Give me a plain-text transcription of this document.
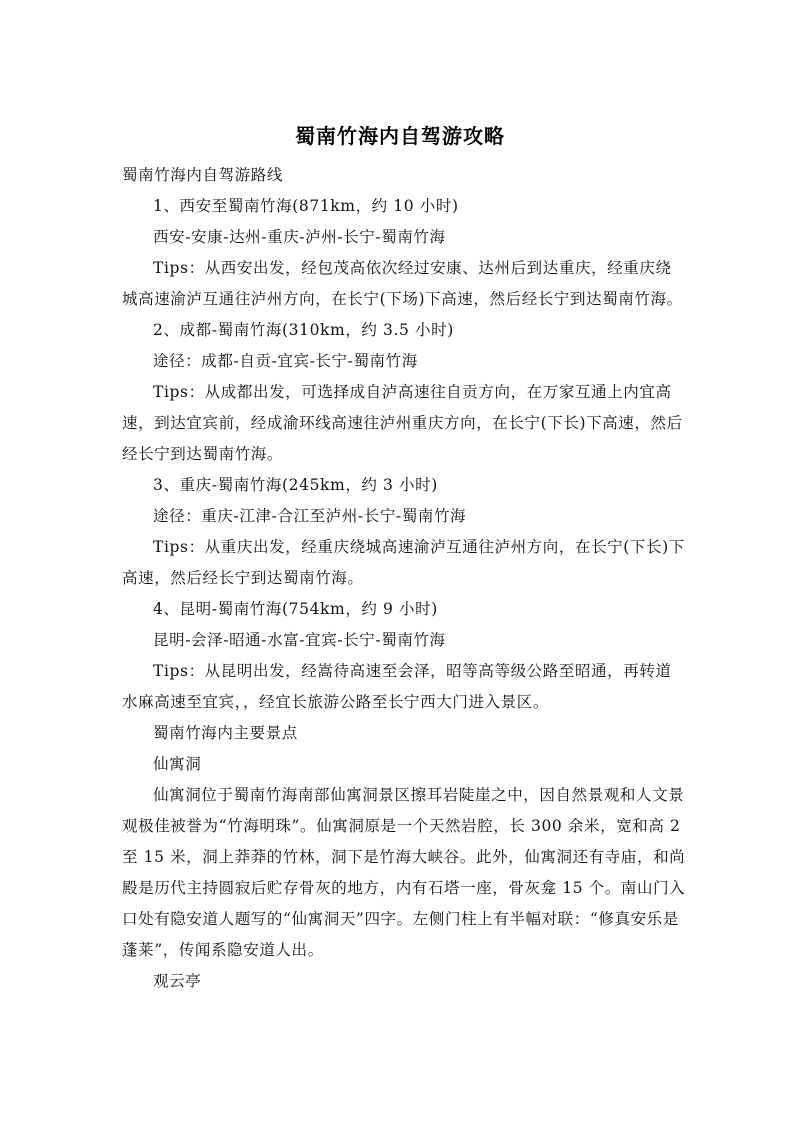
蜀南竹海内自驾游攻略

蜀南竹海内自驾游路线

1、西安至蜀南竹海(871km，约 10 小时)

西安-安康-达州-重庆-泸州-长宁-蜀南竹海

Tips：从西安出发，经包茂高依次经过安康、达州后到达重庆，经重庆绕城高速渝泸互通往泸州方向，在长宁(下场)下高速，然后经长宁到达蜀南竹海。

2、成都-蜀南竹海(310km，约 3.5 小时)

途径：成都-自贡-宜宾-长宁-蜀南竹海

Tips：从成都出发，可选择成自泸高速往自贡方向，在万家互通上内宜高速，到达宜宾前，经成渝环线高速往泸州重庆方向，在长宁(下长)下高速，然后经长宁到达蜀南竹海。

3、重庆-蜀南竹海(245km，约 3 小时)

途径：重庆-江津-合江至泸州-长宁-蜀南竹海

Tips：从重庆出发，经重庆绕城高速渝泸互通往泸州方向，在长宁(下长)下高速，然后经长宁到达蜀南竹海。

4、昆明-蜀南竹海(754km，约 9 小时)

昆明-会泽-昭通-水富-宜宾-长宁-蜀南竹海

Tips：从昆明出发，经嵩待高速至会泽，昭等高等级公路至昭通，再转道水麻高速至宜宾，，经宜长旅游公路至长宁西大门进入景区。

蜀南竹海内主要景点

仙寓洞

仙寓洞位于蜀南竹海南部仙寓洞景区擦耳岩陡崖之中，因自然景观和人文景观极佳被誉为“竹海明珠”。仙寓洞原是一个天然岩腔，长 300 余米，宽和高 2 至 15 米，洞上莽莽的竹林，洞下是竹海大峡谷。此外，仙寓洞还有寺庙，和尚殿是历代主持圆寂后贮存骨灰的地方，内有石塔一座，骨灰龛 15 个。南山门入口处有隐安道人题写的“仙寓洞天”四字。左侧门柱上有半幅对联：“修真安乐是蓬莱”，传闻系隐安道人出。

观云亭
